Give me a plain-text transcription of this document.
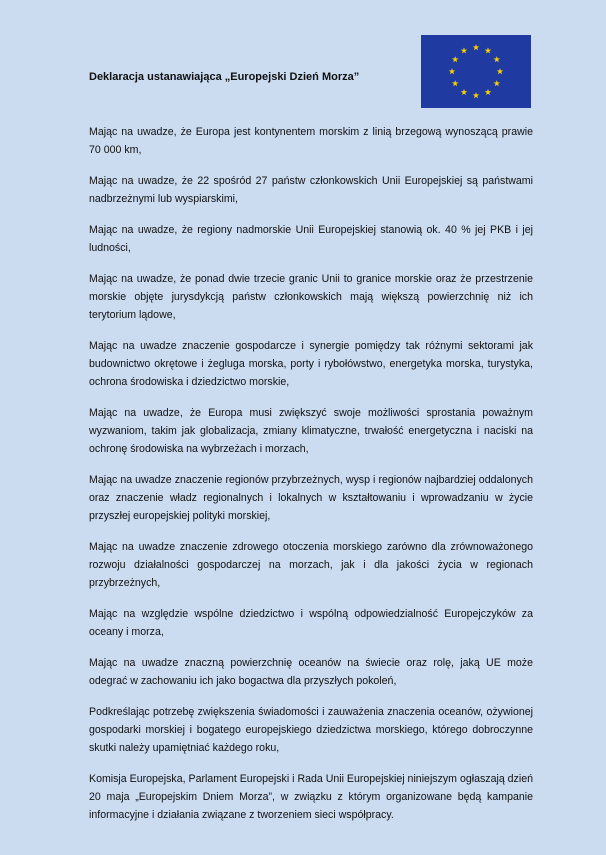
Deklaracja ustanawiająca „Europejski Dzień Morza”

Mając na uwadze, że Europa jest kontynentem morskim z linią brzegową wynoszącą prawie 70 000 km,

Mając na uwadze, że 22 spośród 27 państw członkowskich Unii Europejskiej są państwami nadbrzeżnymi lub wyspiarskimi,

Mając na uwadze, że regiony nadmorskie Unii Europejskiej stanowią ok. 40 % jej PKB i jej ludności,

Mając na uwadze, że ponad dwie trzecie granic Unii to granice morskie oraz że przestrzenie morskie objęte jurysdykcją państw członkowskich mają większą powierzchnię niż ich terytorium lądowe,

Mając na uwadze znaczenie gospodarcze i synergie pomiędzy tak różnymi sektorami jak budownictwo okrętowe i żegluga morska, porty i rybołówstwo, energetyka morska, turystyka, ochrona środowiska i dziedzictwo morskie,

Mając na uwadze, że Europa musi zwiększyć swoje możliwości sprostania poważnym wyzwaniom, takim jak globalizacja, zmiany klimatyczne, trwałość energetyczna i naciski na ochronę środowiska na wybrzeżach i morzach,

Mając na uwadze znaczenie regionów przybrzeżnych, wysp i regionów najbardziej oddalonych oraz znaczenie władz regionalnych i lokalnych w kształtowaniu i wprowadzaniu w życie przyszłej europejskiej polityki morskiej,

Mając na uwadze znaczenie zdrowego otoczenia morskiego zarówno dla zrównoważonego rozwoju działalności gospodarczej na morzach, jak i dla jakości życia w regionach przybrzeżnych,

Mając na względzie wspólne dziedzictwo i wspólną odpowiedzialność Europejczyków za oceany i morza,

Mając na uwadze znaczną powierzchnię oceanów na świecie oraz rolę, jaką UE może odegrać w zachowaniu ich jako bogactwa dla przyszłych pokoleń,

Podkreślając potrzebę zwiększenia świadomości i zauważenia znaczenia oceanów, ożywionej gospodarki morskiej i bogatego europejskiego dziedzictwa morskiego, którego dobroczynne skutki należy upamiętniać każdego roku,

Komisja Europejska, Parlament Europejski i Rada Unii Europejskiej niniejszym ogłaszają dzień 20 maja „Europejskim Dniem Morza”, w związku z którym organizowane będą kampanie informacyjne i działania związane z tworzeniem sieci współpracy.
